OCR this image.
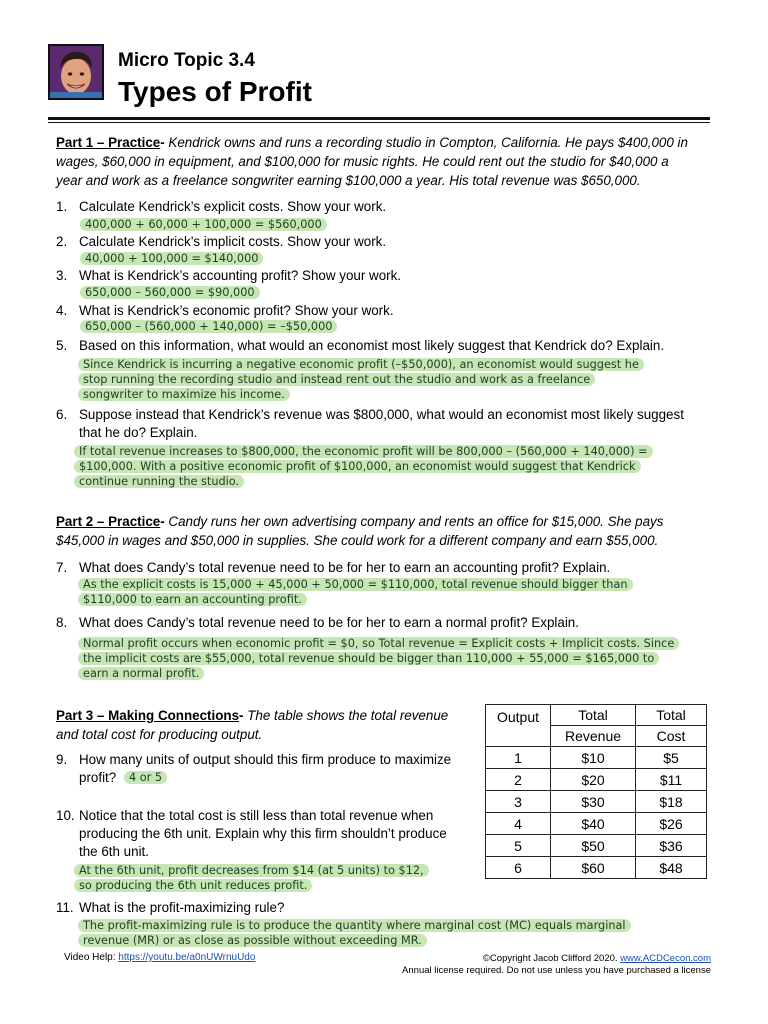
Micro Topic 3.4
Types of Profit
Part 1 – Practice- Kendrick owns and runs a recording studio in Compton, California. He pays $400,000 in
wages, $60,000 in equipment, and $100,000 for music rights. He could rent out the studio for $40,000 a
year and work as a freelance songwriter earning $100,000 a year. His total revenue was $650,000.
1. Calculate Kendrick’s explicit costs. Show your work.
400,000 + 60,000 + 100,000 = $560,000
2. Calculate Kendrick’s implicit costs. Show your work.
40,000 + 100,000 = $140,000
3. What is Kendrick’s accounting profit? Show your work.
650,000 – 560,000 = $90,000
4. What is Kendrick’s economic profit? Show your work.
650,000 – (560,000 + 140,000) = –$50,000
5. Based on this information, what would an economist most likely suggest that Kendrick do? Explain.
Since Kendrick is incurring a negative economic profit (–$50,000), an economist would suggest he
stop running the recording studio and instead rent out the studio and work as a freelance
songwriter to maximize his income.
6. Suppose instead that Kendrick’s revenue was $800,000, what would an economist most likely suggest
that he do? Explain.
If total revenue increases to $800,000, the economic profit will be 800,000 – (560,000 + 140,000) =
$100,000. With a positive economic profit of $100,000, an economist would suggest that Kendrick
continue running the studio.
Part 2 – Practice- Candy runs her own advertising company and rents an office for $15,000. She pays
$45,000 in wages and $50,000 in supplies. She could work for a different company and earn $55,000.
7. What does Candy’s total revenue need to be for her to earn an accounting profit? Explain.
As the explicit costs is 15,000 + 45,000 + 50,000 = $110,000, total revenue should bigger than
$110,000 to earn an accounting profit.
8. What does Candy’s total revenue need to be for her to earn a normal profit? Explain.
Normal profit occurs when economic profit = $0, so Total revenue = Explicit costs + Implicit costs. Since
the implicit costs are $55,000, total revenue should be bigger than 110,000 + 55,000 = $165,000 to
earn a normal profit.
Part 3 – Making Connections- The table shows the total revenue
and total cost for producing output.
9. How many units of output should this firm produce to maximize
profit? 4 or 5
10. Notice that the total cost is still less than total revenue when
producing the 6th unit. Explain why this firm shouldn’t produce
the 6th unit.
At the 6th unit, profit decreases from $14 (at 5 units) to $12,
so producing the 6th unit reduces profit.
Output	Total	Total
	Revenue	Cost
1	$10	$5
2	$20	$11
3	$30	$18
4	$40	$26
5	$50	$36
6	$60	$48
11. What is the profit-maximizing rule?
The profit-maximizing rule is to produce the quantity where marginal cost (MC) equals marginal
revenue (MR) or as close as possible without exceeding MR.
Video Help: https://youtu.be/a0nUWrnuUdo	©Copyright Jacob Clifford 2020. www.ACDCecon.com
Annual license required. Do not use unless you have purchased a license
